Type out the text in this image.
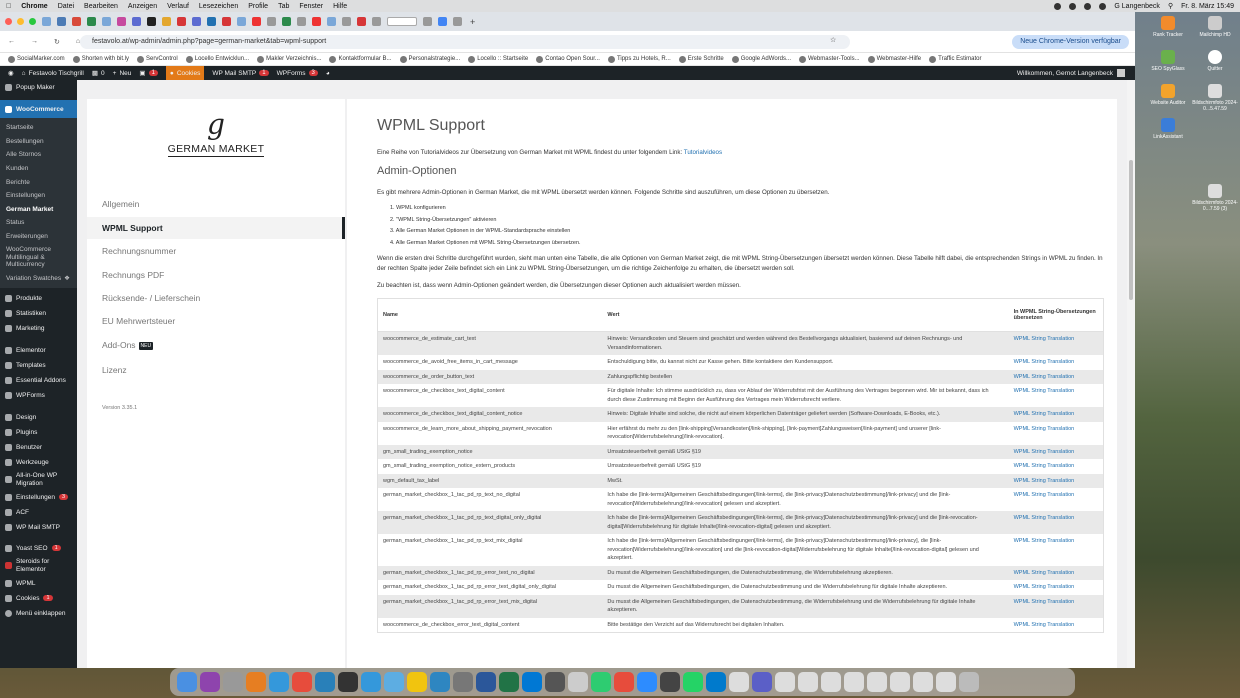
Chrome Datei Bearbeiten Anzeigen Verlauf Lesezeichen Profile Tab Fenster Hilfe	G Langenbeck ⚲ Fr. 8. März 15:49
+
← → ↻ ⌂	festavolo.at/wp-admin/admin.php?page=german-market&tab=wpml-support	☆	Neue Chrome-Version verfügbar
SocialMarker.com	Shorten with bit.ly	ServControl	Locello Entwicklun...	Makler Verzeichnis...	Kontaktformular B...	Personalstrategie...	Locello :: Startseite	Contao Open Sour...	Tipps zu Hotels, R...	Erste Schritte	Google AdWords...	Webmaster-Tools...	Webmaster-Hilfe	Traffic Estimator
◉ ⌂ Festavolo Tischgrill ▩ 0 + Neu ▣	1	● Cookies WP Mail SMTP	1	WPForms	3	◕	Willkommen, Gernot Langenbeck
Popup Maker
WooCommerce
Startseite
Bestellungen
Alle Stornos
Kunden
Berichte
Einstellungen
German Market
Status
Erweiterungen
WooCommerce Multilingual & Multicurrency
Variation Swatches ❖
Produkte
Statistiken
Marketing
Elementor
Templates
Essential Addons
WPForms
Design
Plugins
Benutzer
Werkzeuge
All-in-One WP Migration
Einstellungen	3
ACF
WP Mail SMTP
Yoast SEO	1
Steroids for Elementor
WPML
Cookies	1
Menü einklappen
g
GERMAN MARKET
Allgemein
WPML Support
Rechnungsnummer
Rechnungs PDF
Rücksende- / Lieferschein
EU Mehrwertsteuer
Add-Ons NEU
Lizenz
Version 3.35.1
WPML Support
Eine Reihe von Tutorialvideos zur Übersetzung von German Market mit WPML findest du unter folgendem Link: Tutorialvideos
Admin-Optionen
Es gibt mehrere Admin-Optionen in German Market, die mit WPML übersetzt werden können. Folgende Schritte sind auszuführen, um diese Optionen zu übersetzen.
1. WPML konfigurieren
2. "WPML String-Übersetzungen" aktivieren
3. Alle German Market Optionen in der WPML-Standardsprache einstellen
4. Alle German Market Optionen mit WPML String-Übersetzungen übersetzen.
Wenn die ersten drei Schritte durchgeführt wurden, sieht man unten eine Tabelle, die alle Optionen von German Market zeigt, die mit WPML String-Übersetzungen übersetzt werden können. Diese Tabelle hilft dabei, die entsprechenden Strings in WPML zu finden. In der rechten Spalte jeder Zeile befindet sich ein Link zu WPML String-Übersetzungen, um die richtige Zeichenfolge zu erhalten, die übersetzt werden soll.
Zu beachten ist, dass wenn Admin-Optionen geändert werden, die Übersetzungen dieser Optionen auch aktualisiert werden müssen.
Name	Wert	In WPML String-Übersetzungen übersetzen
woocommerce_de_estimate_cart_text	Hinweis: Versandkosten und Steuern sind geschätzt und werden während des Bestellvorgangs aktualisiert, basierend auf deinen Rechnungs- und Versandinformationen.	WPML String Translation
woocommerce_de_avoid_free_items_in_cart_message	Entschuldigung bitte, du kannst nicht zur Kasse gehen. Bitte kontaktiere den Kundensupport.	WPML String Translation
woocommerce_de_order_button_text	Zahlungspflichtig bestellen	WPML String Translation
woocommerce_de_checkbox_text_digital_content	Für digitale Inhalte: Ich stimme ausdrücklich zu, dass vor Ablauf der Widerrufsfrist mit der Ausführung des Vertrages begonnen wird. Mir ist bekannt, dass ich durch diese Zustimmung mit Beginn der Ausführung des Vertrages mein Widerrufsrecht verliere.	WPML String Translation
woocommerce_de_checkbox_text_digital_content_notice	Hinweis: Digitale Inhalte sind solche, die nicht auf einem körperlichen Datenträger geliefert werden (Software-Downloads, E-Books, etc.).	WPML String Translation
woocommerce_de_learn_more_about_shipping_payment_revocation	Hier erfährst du mehr zu den [link-shipping]Versandkosten[/link-shipping], [link-payment]Zahlungsweisen[/link-payment] und unserer [link-revocation]Widerrufsbelehrung[/link-revocation].	WPML String Translation
gm_small_trading_exemption_notice	Umsatzsteuerbefreit gemäß UStG §19	WPML String Translation
gm_small_trading_exemption_notice_extern_products	Umsatzsteuerbefreit gemäß UStG §19	WPML String Translation
wgm_default_tax_label	MwSt.	WPML String Translation
german_market_checkbox_1_tac_pd_rp_text_no_digital	Ich habe die [link-terms]Allgemeinen Geschäftsbedingungen[/link-terms], die [link-privacy]Datenschutzbestimmung[/link-privacy] und die [link-revocation]Widerrufsbelehrung[/link-revocation] gelesen und akzeptiert.	WPML String Translation
german_market_checkbox_1_tac_pd_rp_text_digital_only_digital	Ich habe die [link-terms]Allgemeinen Geschäftsbedingungen[/link-terms], die [link-privacy]Datenschutzbestimmung[/link-privacy] und die [link-revocation-digital]Widerrufsbelehrung für digitale Inhalte[/link-revocation-digital] gelesen und akzeptiert.	WPML String Translation
german_market_checkbox_1_tac_pd_rp_text_mix_digital	Ich habe die [link-terms]Allgemeinen Geschäftsbedingungen[/link-terms], die [link-privacy]Datenschutzbestimmung[/link-privacy], die [link-revocation]Widerrufsbelehrung[/link-revocation] und die [link-revocation-digital]Widerrufsbelehrung für digitale Inhalte[/link-revocation-digital] gelesen und akzeptiert.	WPML String Translation
german_market_checkbox_1_tac_pd_rp_error_text_no_digital	Du musst die Allgemeinen Geschäftsbedingungen, die Datenschutzbestimmung, die Widerrufsbelehrung akzeptieren.	WPML String Translation
german_market_checkbox_1_tac_pd_rp_error_text_digital_only_digital	Du musst die Allgemeinen Geschäftsbedingungen, die Datenschutzbestimmung und die Widerrufsbelehrung für digitale Inhalte akzeptieren.	WPML String Translation
german_market_checkbox_1_tac_pd_rp_error_text_mix_digital	Du musst die Allgemeinen Geschäftsbedingungen, die Datenschutzbestimmung, die Widerrufsbelehrung und die Widerrufsbelehrung für digitale Inhalte akzeptieren.	WPML String Translation
woocommerce_de_checkbox_error_text_digital_content	Bitte bestätige den Verzicht auf das Widerrufsrecht bei digitalen Inhalten.	WPML String Translation
Rank Tracker	Mailchimp HD
SEO SpyGlass	Quitter
Website Auditor	Bildschirmfoto 2024-0...5.47.59
LinkAssistant
Bildschirmfoto 2024-0...7.59 (3)
